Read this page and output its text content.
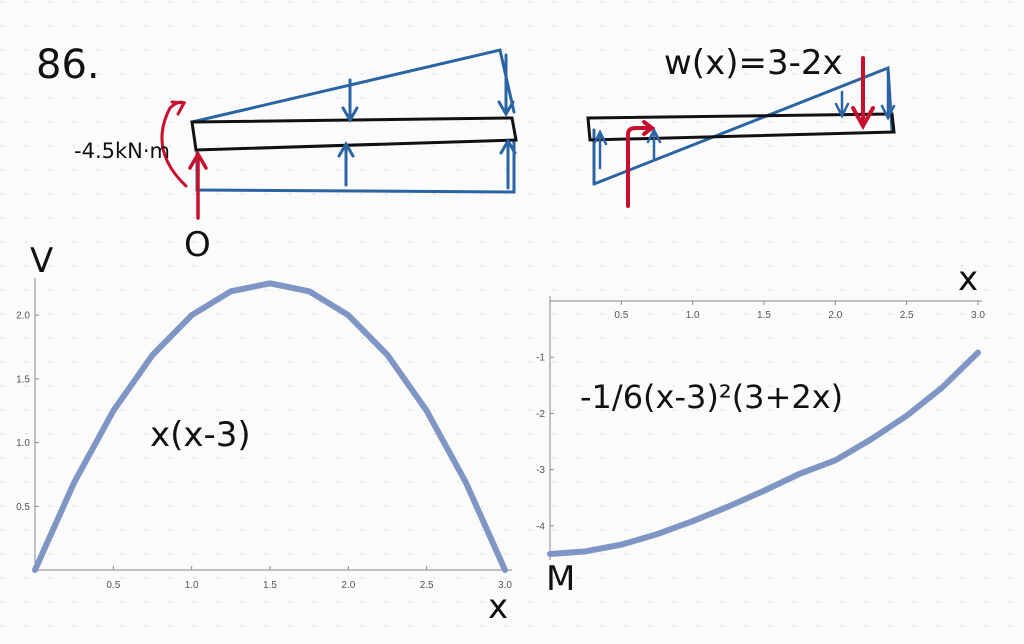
86.	w(x)=3-2x
-4.5kN·m
O
0.5	1.0	1.5	2.0	2.5	3.0
0.5
1.0
1.5
2.0
V
x
x(x-3)
0.5	1.0	1.5	2.0	2.5	3.0
-1
-2
-3
-4
x
M
-1/6(x-3)²(3+2x)
